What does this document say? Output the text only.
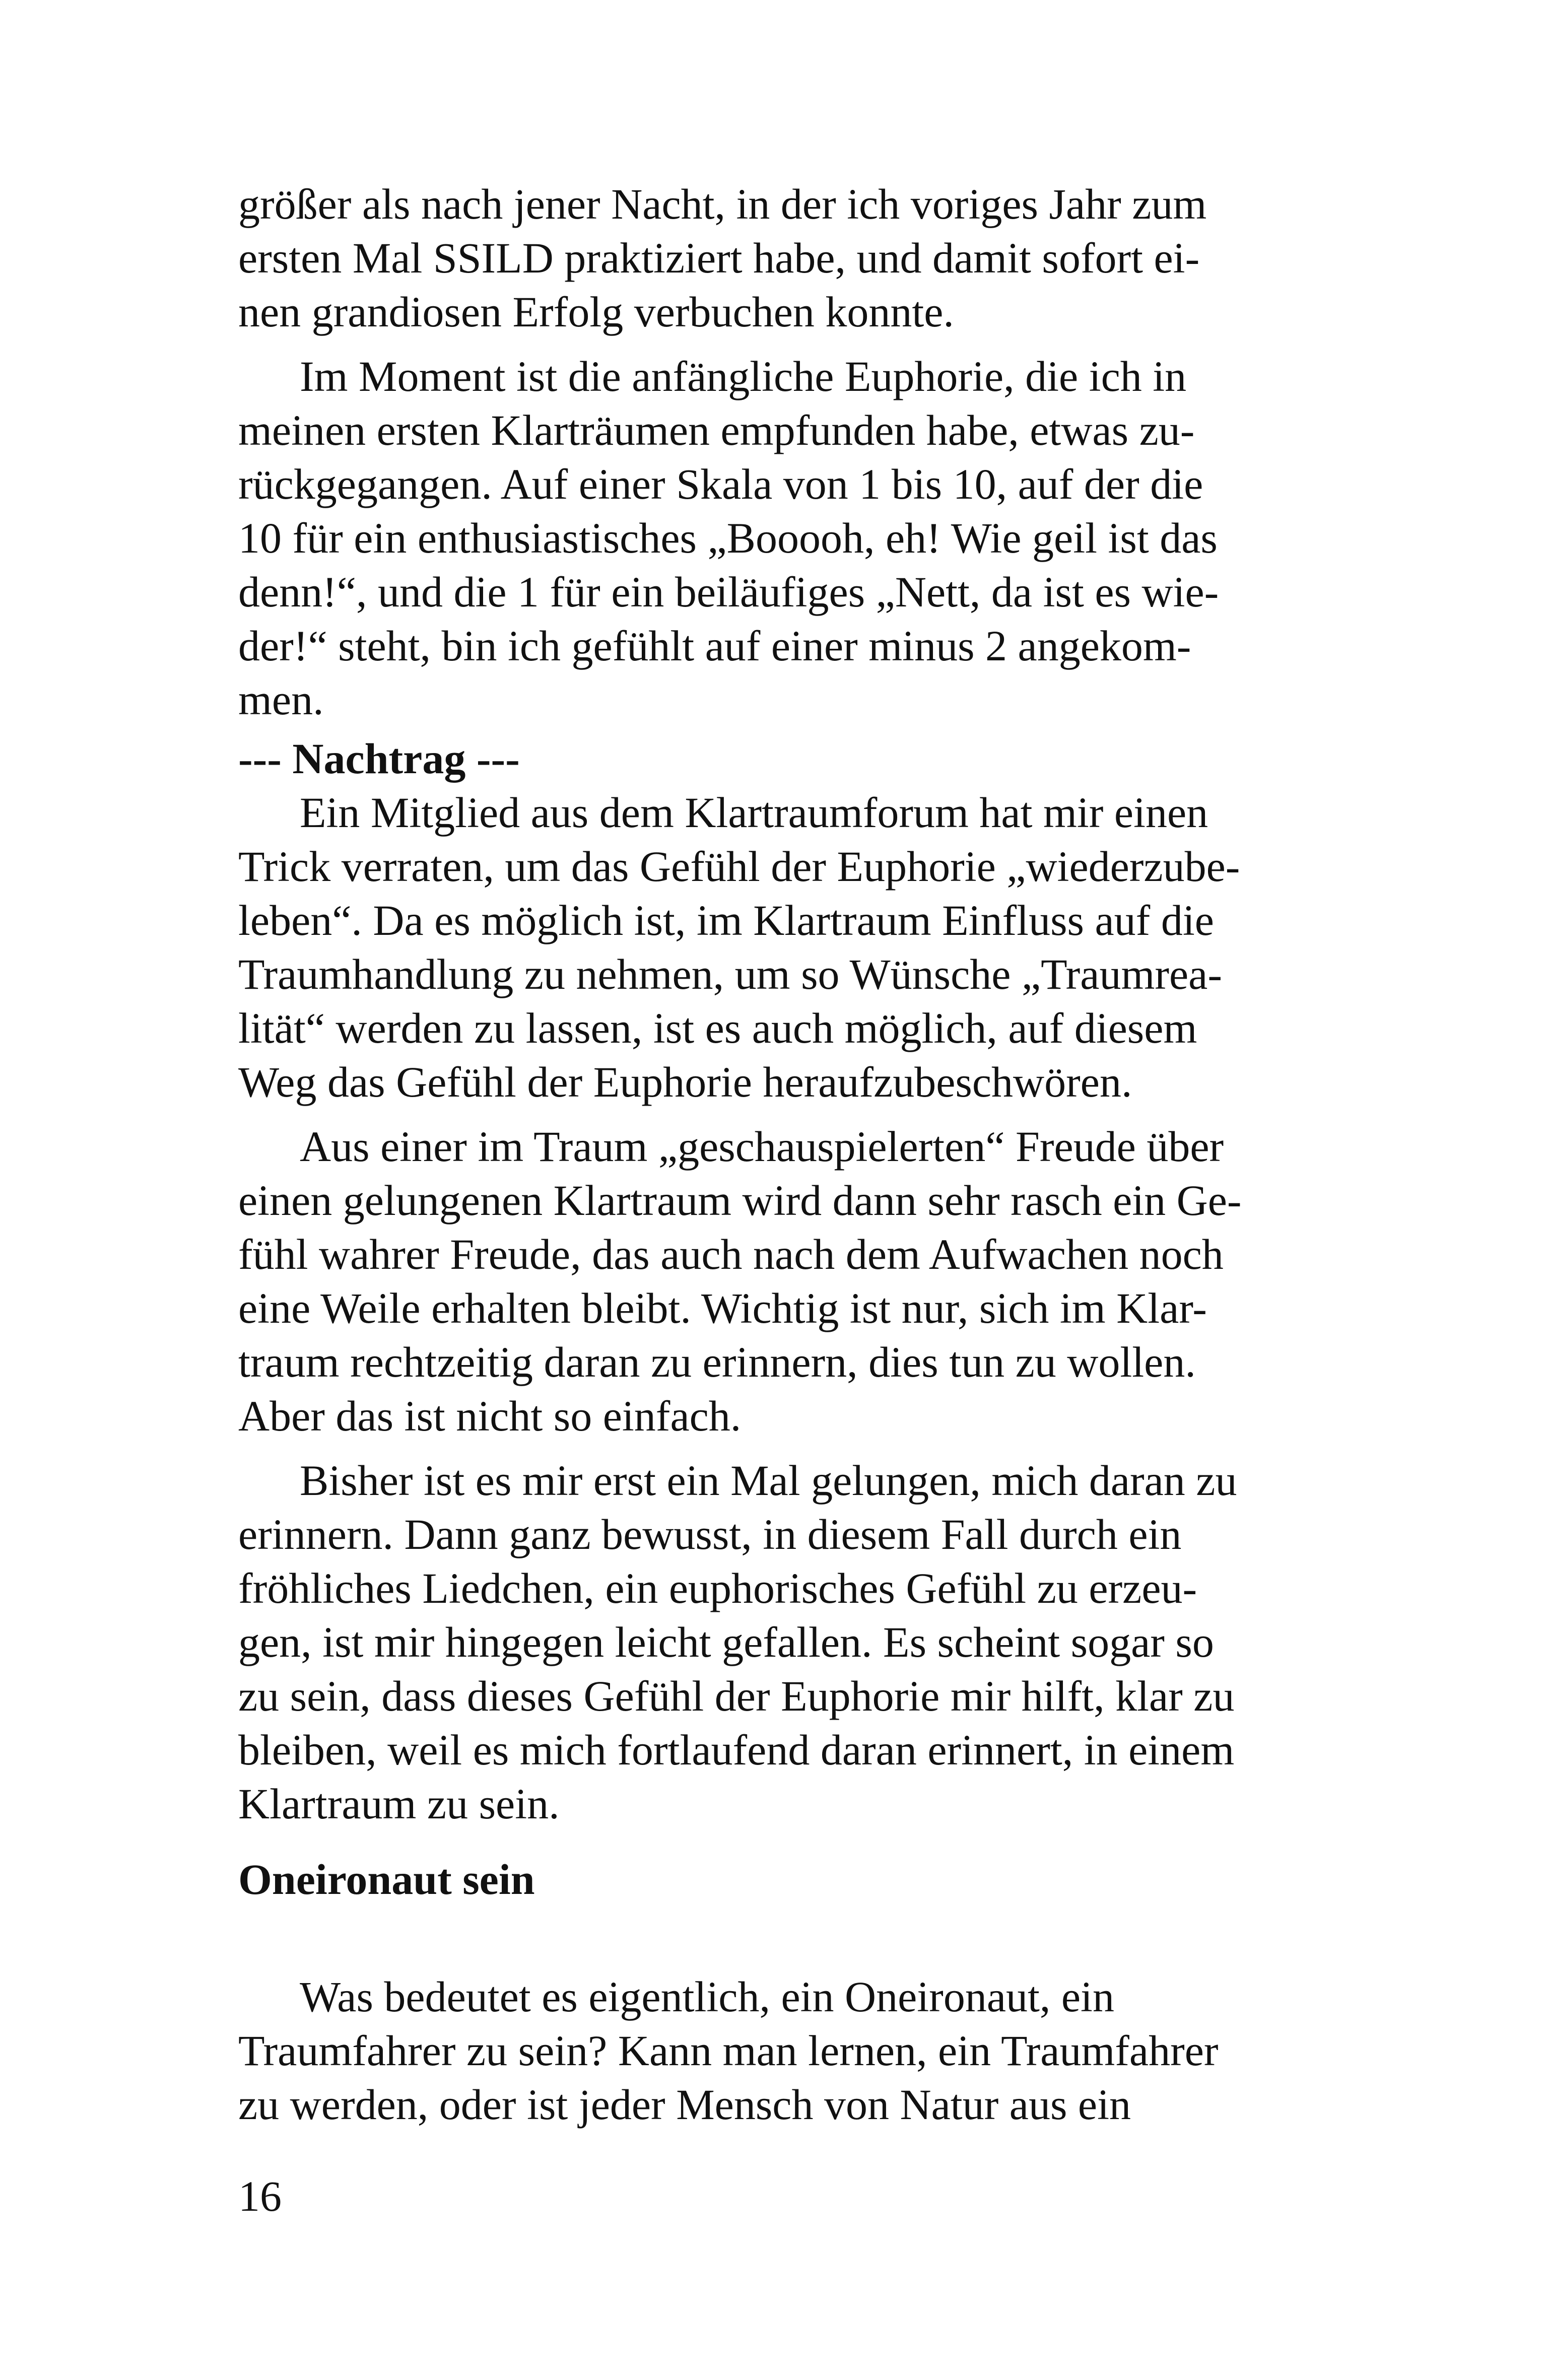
größer als nach jener Nacht, in der ich voriges Jahr zum
ersten Mal SSILD praktiziert habe, und damit sofort ei-
nen grandiosen Erfolg verbuchen konnte.

Im Moment ist die anfängliche Euphorie, die ich in
meinen ersten Klarträumen empfunden habe, etwas zu-
rückgegangen. Auf einer Skala von 1 bis 10, auf der die
10 für ein enthusiastisches „Booooh, eh! Wie geil ist das
denn!“, und die 1 für ein beiläufiges „Nett, da ist es wie-
der!“ steht, bin ich gefühlt auf einer minus 2 angekom-
men.

--- Nachtrag ---

Ein Mitglied aus dem Klartraumforum hat mir einen
Trick verraten, um das Gefühl der Euphorie „wiederzube-
leben“. Da es möglich ist, im Klartraum Einfluss auf die
Traumhandlung zu nehmen, um so Wünsche „Traumrea-
lität“ werden zu lassen, ist es auch möglich, auf diesem
Weg das Gefühl der Euphorie heraufzubeschwören.

Aus einer im Traum „geschauspielerten“ Freude über
einen gelungenen Klartraum wird dann sehr rasch ein Ge-
fühl wahrer Freude, das auch nach dem Aufwachen noch
eine Weile erhalten bleibt. Wichtig ist nur, sich im Klar-
traum rechtzeitig daran zu erinnern, dies tun zu wollen.
Aber das ist nicht so einfach.

Bisher ist es mir erst ein Mal gelungen, mich daran zu
erinnern. Dann ganz bewusst, in diesem Fall durch ein
fröhliches Liedchen, ein euphorisches Gefühl zu erzeu-
gen, ist mir hingegen leicht gefallen. Es scheint sogar so
zu sein, dass dieses Gefühl der Euphorie mir hilft, klar zu
bleiben, weil es mich fortlaufend daran erinnert, in einem
Klartraum zu sein.

Oneironaut sein

Was bedeutet es eigentlich, ein Oneironaut, ein
Traumfahrer zu sein? Kann man lernen, ein Traumfahrer
zu werden, oder ist jeder Mensch von Natur aus ein

16
